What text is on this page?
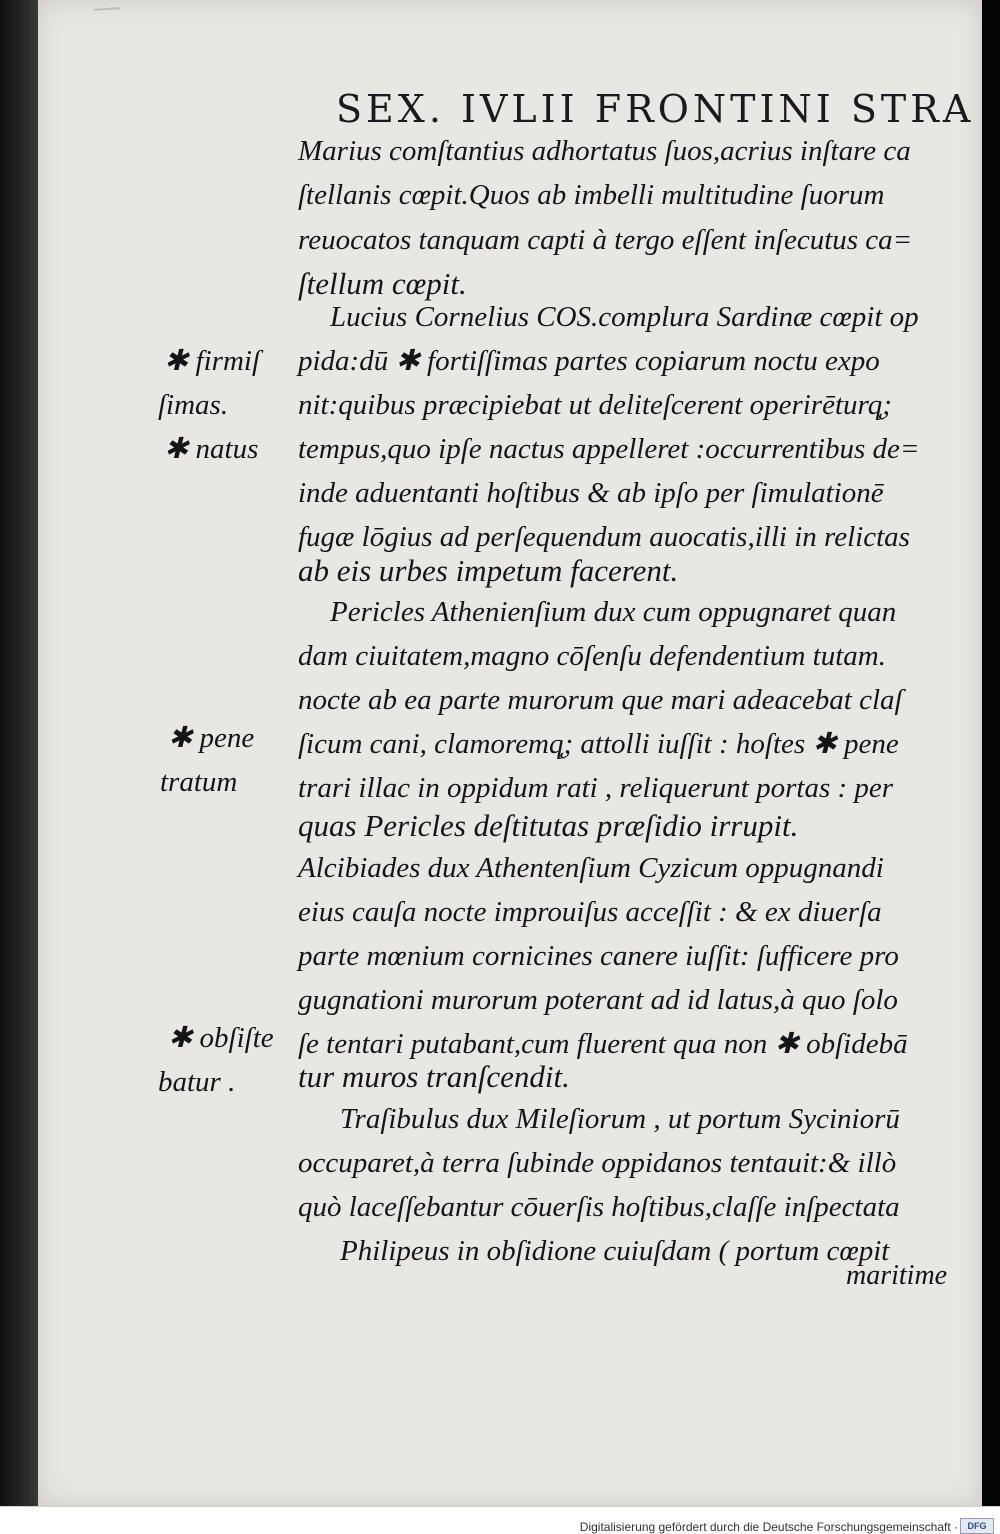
SEX. IVLII FRONTINI STRA
Marius comſtantius adhortatus ſuos,acrius inſtare ca
ſtellanis cœpit.Quos ab imbelli multitudine ſuorum
reuocatos tanquam capti à tergo eſſent inſecutus ca=
ſtellum cœpit.
Lucius Cornelius COS.complura Sardinæ cœpit op
pida:dū ✱ fortiſſimas partes copiarum noctu expo
nit:quibus præcipiebat ut deliteſcerent operirēturq̨;
tempus,quo ipſe nactus appelleret :occurrentibus de=
inde aduentanti hoſtibus & ab ipſo per ſimulationē
fugæ lōgius ad perſequendum auocatis,illi in relictas
ab eis urbes impetum facerent.
Pericles Athenienſium dux cum oppugnaret quan
dam ciuitatem,magno cōſenſu defendentium tutam.
nocte ab ea parte murorum que mari adeacebat claſ
ſicum cani, clamoremq̨; attolli iuſſit : hoſtes ✱ pene
trari illac in oppidum rati , reliquerunt portas : per
quas Pericles deſtitutas præſidio irrupit.
Alcibiades dux Athentenſium Cyzicum oppugnandi
eius cauſa nocte improuiſus acceſſit : & ex diuerſa
parte mœnium cornicines canere iuſſit: ſufficere pro
gugnationi murorum poterant ad id latus,à quo ſolo
ſe tentari putabant,cum fluerent qua non ✱ obſidebā
tur muros tranſcendit.
Traſibulus dux Mileſiorum , ut portum Syciniorū
occuparet,à terra ſubinde oppidanos tentauit:& illò
quò laceſſebantur cōuerſis hoſtibus,claſſe inſpectata
Philipeus in obſidione cuiuſdam ( portum cœpit
maritime
✱ firmiſ
ſimas.
✱ natus
✱ pene
tratum
✱ obſiſte
batur .
Digitalisierung gefördert durch die Deutsche Forschungsgemeinschaft ·	DFG
